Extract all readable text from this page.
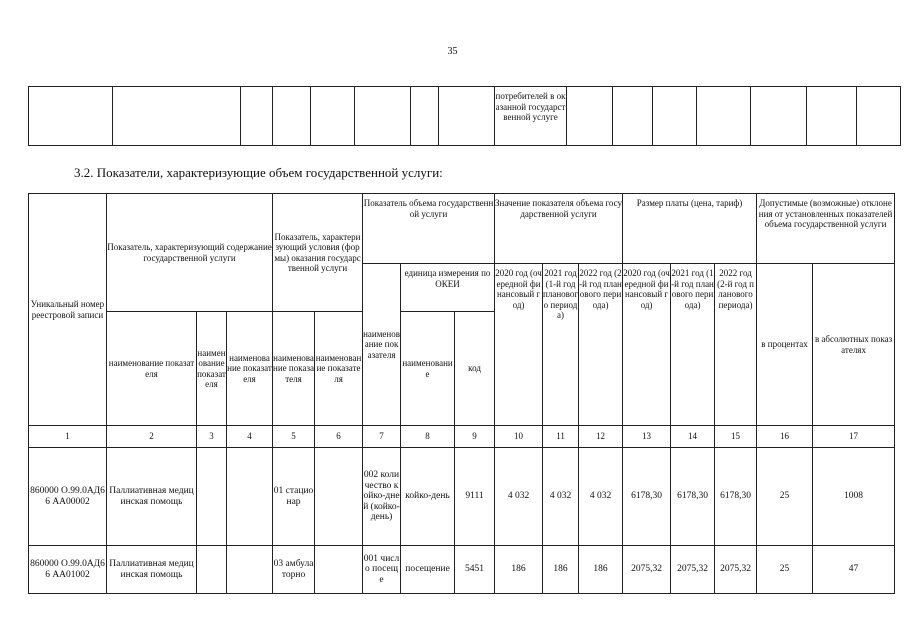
35
								потребителей в оказанной государственной услуге							
3.2. Показатели, характеризующие объем государственной услуги:
Уникальный номер реестровой записи	Показатель, характеризующий содержание государственной услуги			Показатель, характеризующий условия (формы) оказания государственной услуги		Показатель объема государственной услуги			Значение показателя объема государственной услуги			Размер платы (цена, тариф)			Допустимые (возможные) отклонения от установленных показателей объема государственной услуги	
						наименование показателя	единица измерения по ОКЕИ		2020 год (очередной финансовый год)	2021 год (1-й год планового периода)	2022 год (2-й год планового периода)	2020 год (очередной финансовый год)	2021 год (1-й год планового периода)	2022 год (2-й год планового периода)	в процентах	в абсолютных показателях
	наименование показателя	наименование показателя	наименование показателя	наименование показателя	наименование показателя		наименование	код								
1	2	3	4	5	6	7	8	9	10	11	12	13	14	15	16	17
860000 О.99.0АД66 АА00002	Паллиативная медицинская помощь			01 стационар		002 количество койко-дней (койко-день)	койко-день	9111	4 032	4 032	4 032	6178,30	6178,30	6178,30	25	1008
860000 О.99.0АД66 АА01002	Паллиативная медицинская помощь			03 амбулаторно		001 число посеще	посещение	5451	186	186	186	2075,32	2075,32	2075,32	25	47
